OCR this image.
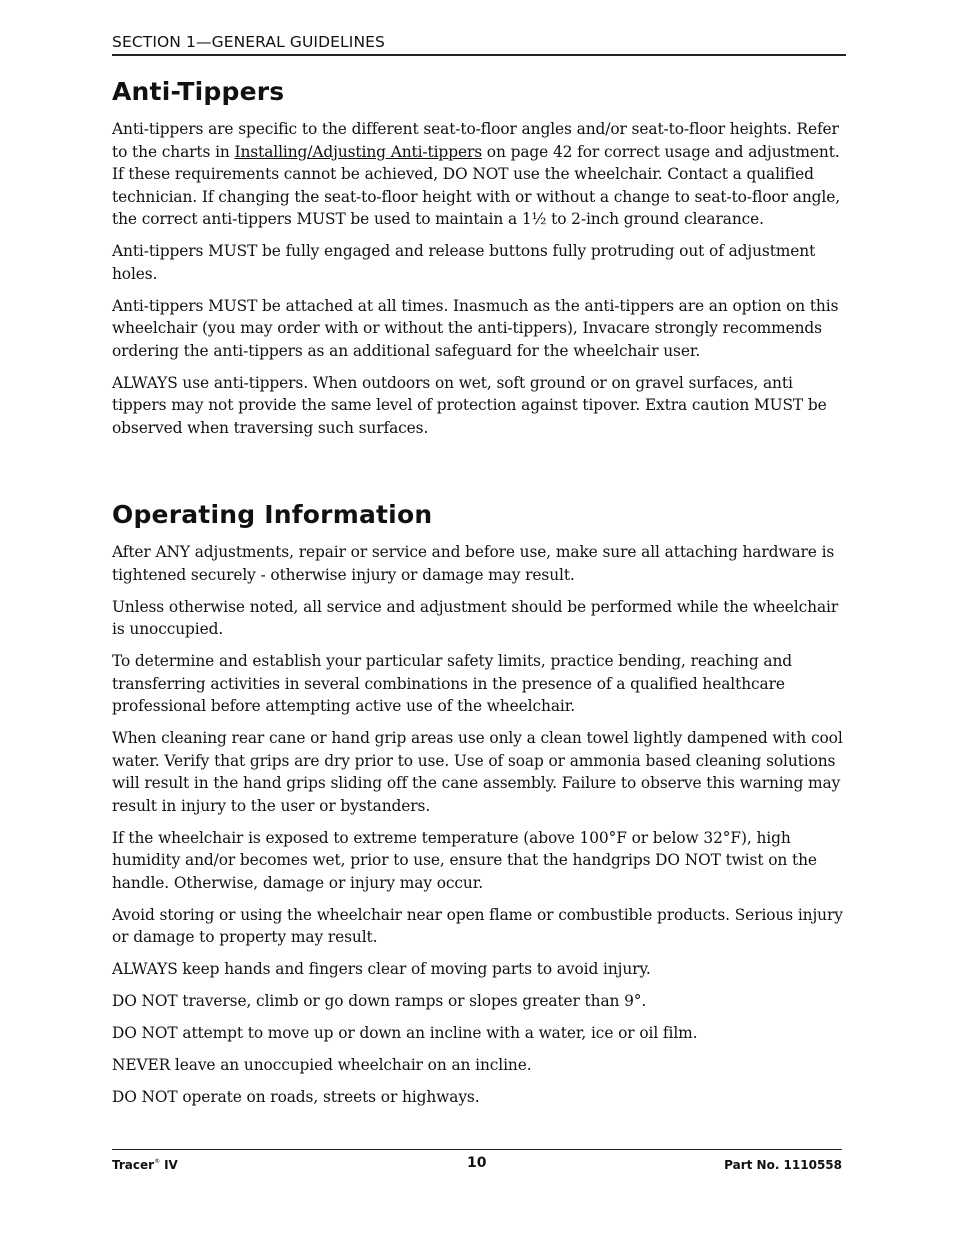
SECTION 1—GENERAL GUIDELINES
Anti-Tippers

Anti-tippers are specific to the different seat-to-floor angles and/or seat-to-floor heights. Refer to the charts in Installing/Adjusting Anti-tippers on page 42 for correct usage and adjustment. If these requirements cannot be achieved, DO NOT use the wheelchair. Contact a qualified technician. If changing the seat-to-floor height with or without a change to seat-to-floor angle, the correct anti-tippers MUST be used to maintain a 1½ to 2-inch ground clearance.

Anti-tippers MUST be fully engaged and release buttons fully protruding out of adjustment holes.

Anti-tippers MUST be attached at all times. Inasmuch as the anti-tippers are an option on this wheelchair (you may order with or without the anti-tippers), Invacare strongly recommends ordering the anti-tippers as an additional safeguard for the wheelchair user.

ALWAYS use anti-tippers. When outdoors on wet, soft ground or on gravel surfaces, anti tippers may not provide the same level of protection against tipover. Extra caution MUST be observed when traversing such surfaces.

Operating Information

After ANY adjustments, repair or service and before use, make sure all attaching hardware is tightened securely - otherwise injury or damage may result.

Unless otherwise noted, all service and adjustment should be performed while the wheelchair is unoccupied.

To determine and establish your particular safety limits, practice bending, reaching and transferring activities in several combinations in the presence of a qualified healthcare professional before attempting active use of the wheelchair.

When cleaning rear cane or hand grip areas use only a clean towel lightly dampened with cool water. Verify that grips are dry prior to use. Use of soap or ammonia based cleaning solutions will result in the hand grips sliding off the cane assembly. Failure to observe this warning may result in injury to the user or bystanders.

If the wheelchair is exposed to extreme temperature (above 100°F or below 32°F), high humidity and/or becomes wet, prior to use, ensure that the handgrips DO NOT twist on the handle. Otherwise, damage or injury may occur.

Avoid storing or using the wheelchair near open flame or combustible products. Serious injury or damage to property may result.

ALWAYS keep hands and fingers clear of moving parts to avoid injury.

DO NOT traverse, climb or go down ramps or slopes greater than 9°.

DO NOT attempt to move up or down an incline with a water, ice or oil film.

NEVER leave an unoccupied wheelchair on an incline.

DO NOT operate on roads, streets or highways.

Tracer® IV	10	Part No. 1110558
